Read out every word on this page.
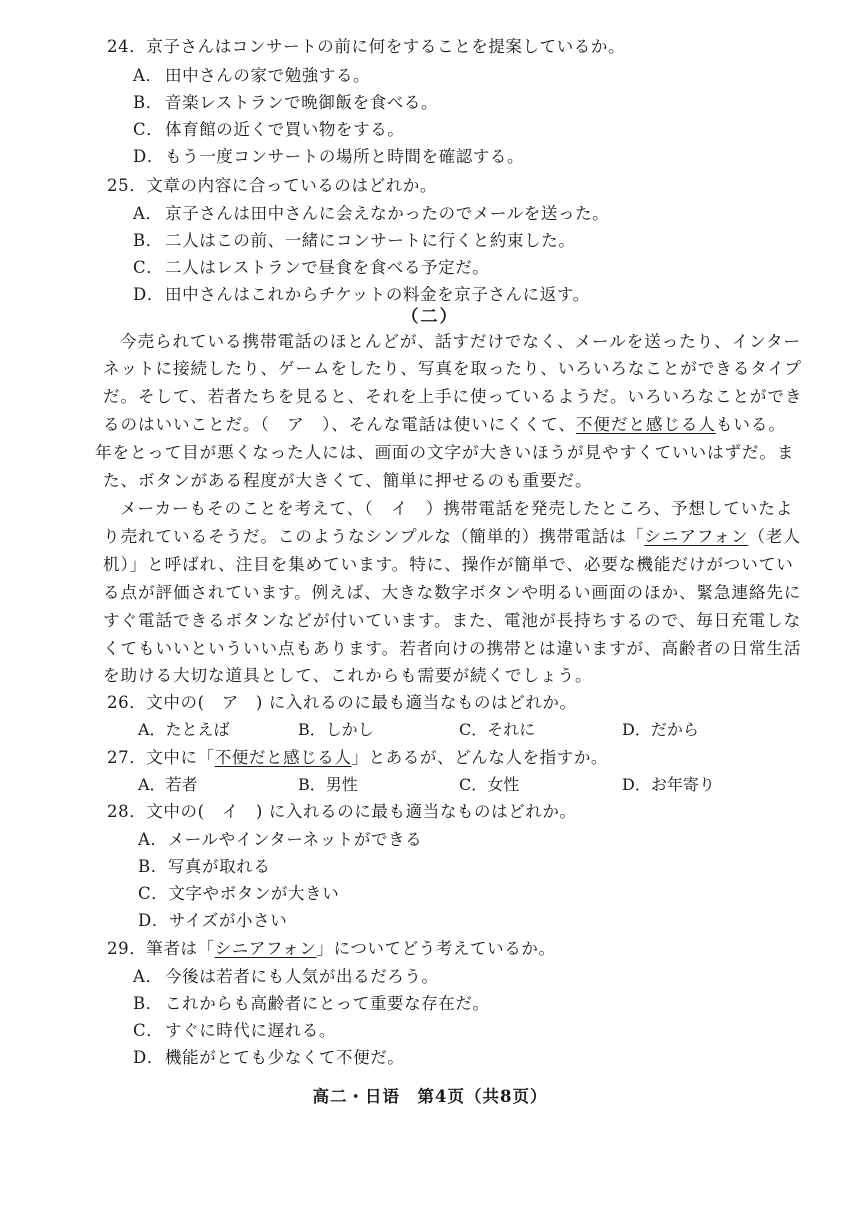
24．京子さんはコンサートの前に何をすることを提案しているか。
A． 田中さんの家で勉強する。
B． 音楽レストランで晩御飯を食べる。
C． 体育館の近くで買い物をする。
D．もう一度コンサートの場所と時間を確認する。
25．文章の内容に合っているのはどれか。
A． 京子さんは田中さんに会えなかったのでメールを送った。
B． 二人はこの前、一緒にコンサートに行くと約束した。
C． 二人はレストランで昼食を食べる予定だ。
D．田中さんはこれからチケットの料金を京子さんに返す。
（二）
今売られている携帯電話のほとんどが、話すだけでなく、メールを送ったり、インター
ネットに接続したり、ゲームをしたり、写真を取ったり、いろいろなことができるタイプ
だ。そして、若者たちを見ると、それを上手に使っているようだ。いろいろなことができ
るのはいいことだ。（　ア　）、そんな電話は使いにくくて、不便だと感じる人もいる。
年をとって目が悪くなった人には、画面の文字が大きいほうが見やすくていいはずだ。ま
た、ボタンがある程度が大きくて、簡単に押せるのも重要だ。
メーカーもそのことを考えて、（　イ　）携帯電話を発売したところ、予想していたよ
り売れているそうだ。このようなシンプルな（簡単的）携帯電話は「シニアフォン（老人
机）」と呼ばれ、注目を集めています。特に、操作が簡単で、必要な機能だけがついてい
る点が評価されています。例えば、大きな数字ボタンや明るい画面のほか、緊急連絡先に
すぐ電話できるボタンなどが付いています。また、電池が長持ちするので、毎日充電しな
くてもいいといういい点もあります。若者向けの携帯とは違いますが、高齢者の日常生活
を助ける大切な道具として、これからも需要が続くでしょう。
26．文中の(　ア　) に入れるのに最も適当なものはどれか。
A．たとえば	B．しかし	C．それに	D．だから
27．文中に「不便だと感じる人」とあるが、どんな人を指すか。
A．若者	B．男性	C．女性	D．お年寄り
28．文中の(　イ　) に入れるのに最も適当なものはどれか。
A．メールやインターネットができる
B．写真が取れる
C．文字やボタンが大きい
D．サイズが小さい
29．筆者は「シニアフォン」についてどう考えているか。
A． 今後は若者にも人気が出るだろう。
B． これからも高齢者にとって重要な存在だ。
C． すぐに時代に遅れる。
D．機能がとても少なくて不便だ。
高二・日语　第4页（共8页）
